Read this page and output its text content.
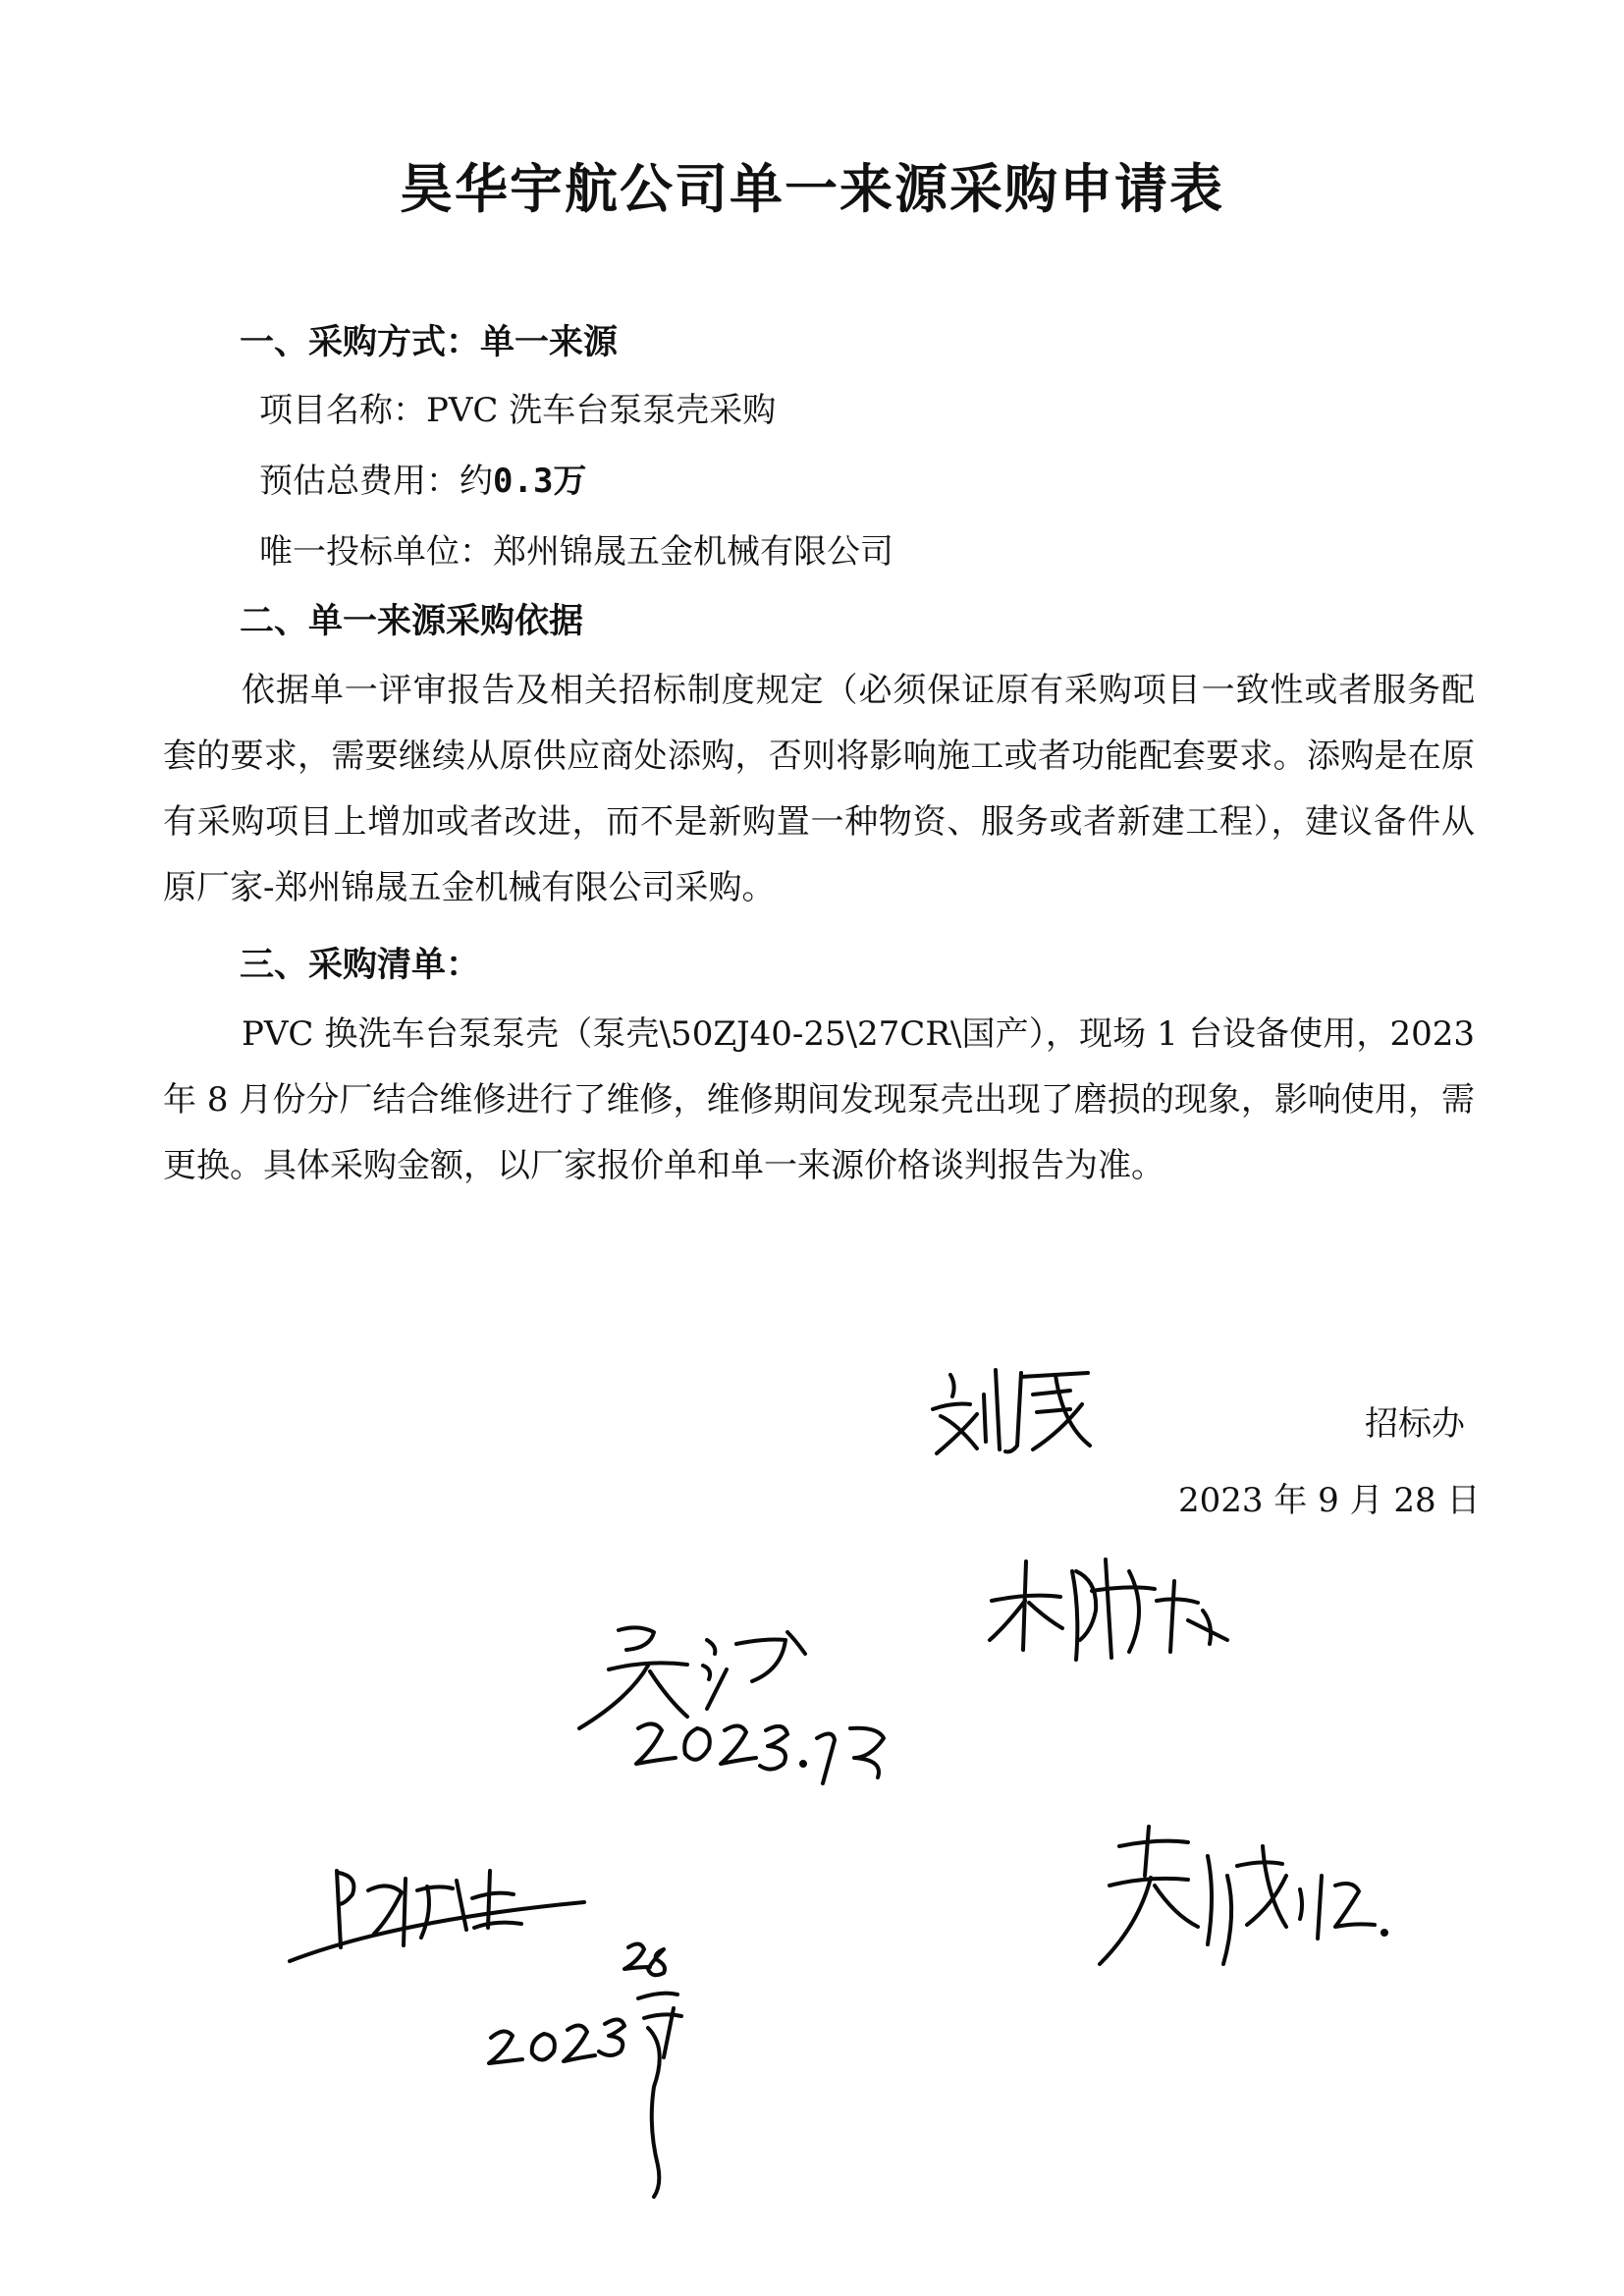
昊华宇航公司单一来源采购申请表
一、采购方式：单一来源
项目名称：PVC 洗车台泵泵壳采购
预估总费用：约0.3万
唯一投标单位：郑州锦晟五金机械有限公司
二、单一来源采购依据
依据单一评审报告及相关招标制度规定（必须保证原有采购项目一致性或者服务配套的要求，需要继续从原供应商处添购，否则将影响施工或者功能配套要求。添购是在原有采购项目上增加或者改进，而不是新购置一种物资、服务或者新建工程），建议备件从原厂家-郑州锦晟五金机械有限公司采购。
三、采购清单：
PVC 换洗车台泵泵壳（泵壳\50ZJ40-25\27CR\国产），现场 1 台设备使用，2023 年 8 月份分厂结合维修进行了维修，维修期间发现泵壳出现了磨损的现象，影响使用，需更换。具体采购金额，以厂家报价单和单一来源价格谈判报告为准。
招标办
2023 年 9 月 28 日
